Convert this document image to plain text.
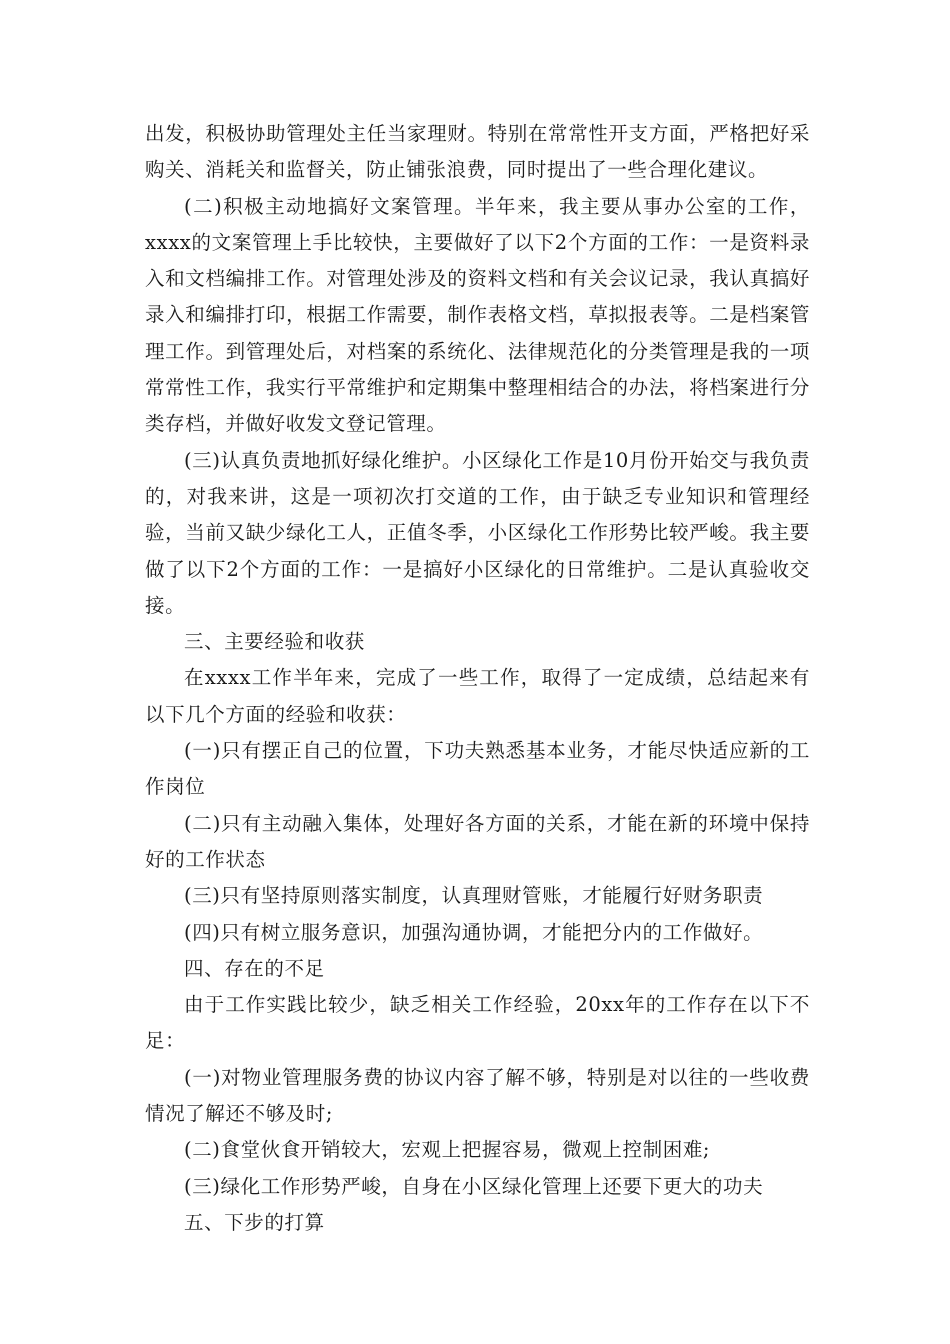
出发，积极协助管理处主任当家理财。特别在常常性开支方面，严格把好采购关、消耗关和监督关，防止铺张浪费，同时提出了一些合理化建议。

(二)积极主动地搞好文案管理。半年来，我主要从事办公室的工作，xxxx的文案管理上手比较快，主要做好了以下2个方面的工作：一是资料录入和文档编排工作。对管理处涉及的资料文档和有关会议记录，我认真搞好录入和编排打印，根据工作需要，制作表格文档，草拟报表等。二是档案管理工作。到管理处后，对档案的系统化、法律规范化的分类管理是我的一项常常性工作，我实行平常维护和定期集中整理相结合的办法，将档案进行分类存档，并做好收发文登记管理。

(三)认真负责地抓好绿化维护。小区绿化工作是10月份开始交与我负责的，对我来讲，这是一项初次打交道的工作，由于缺乏专业知识和管理经验，当前又缺少绿化工人，正值冬季，小区绿化工作形势比较严峻。我主要做了以下2个方面的工作：一是搞好小区绿化的日常维护。二是认真验收交接。

三、主要经验和收获

在xxxx工作半年来，完成了一些工作，取得了一定成绩，总结起来有以下几个方面的经验和收获：

(一)只有摆正自己的位置，下功夫熟悉基本业务，才能尽快适应新的工作岗位

(二)只有主动融入集体，处理好各方面的关系，才能在新的环境中保持好的工作状态

(三)只有坚持原则落实制度，认真理财管账，才能履行好财务职责

(四)只有树立服务意识，加强沟通协调，才能把分内的工作做好。

四、存在的不足

由于工作实践比较少，缺乏相关工作经验，20xx年的工作存在以下不足：

(一)对物业管理服务费的协议内容了解不够，特别是对以往的一些收费情况了解还不够及时;

(二)食堂伙食开销较大，宏观上把握容易，微观上控制困难;

(三)绿化工作形势严峻，自身在小区绿化管理上还要下更大的功夫

五、下步的打算
